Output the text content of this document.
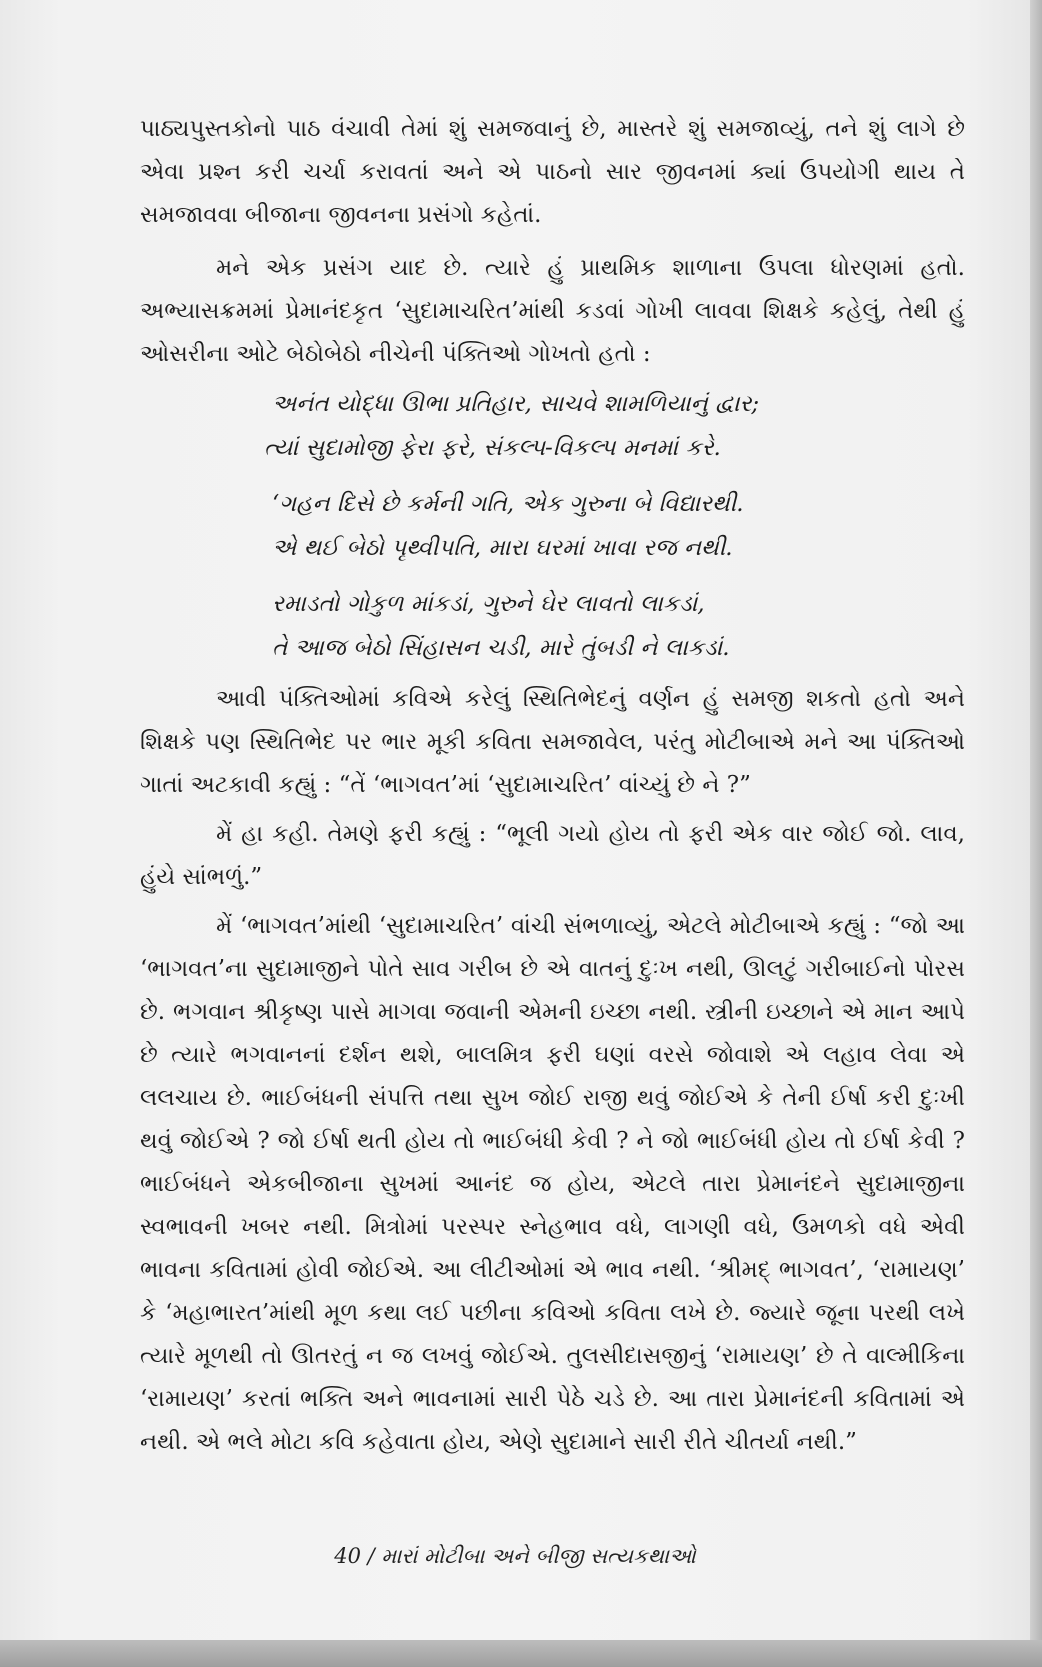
પાઠ્યપુસ્તકોનો પાઠ વંચાવી તેમાં શું સમજવાનું છે, માસ્તરે શું સમજાવ્યું, તને શું લાગે છે એવા પ્રશ્ન કરી ચર્ચા કરાવતાં અને એ પાઠનો સાર જીવનમાં ક્યાં ઉપયોગી થાય તે સમજાવવા બીજાના જીવનના પ્રસંગો કહેતાં.

મને એક પ્રસંગ યાદ છે. ત્યારે હું પ્રાથમિક શાળાના ઉપલા ધોરણમાં હતો. અભ્યાસક્રમમાં પ્રેમાનંદકૃત ‘સુદામાચરિત’માંથી કડવાં ગોખી લાવવા શિક્ષકે કહેલું, તેથી હું ઓસરીના ઓટે બેઠોબેઠો નીચેની પંક્તિઓ ગોખતો હતો :

અનંત યોદ્ધા ઊભા પ્રતિહાર, સાચવે શામળિયાનું દ્વાર;

ત્યાં સુદામોજી ફેરા ફરે, સંકલ્પ-વિકલ્પ મનમાં કરે.

‘ગહન દિસે છે કર્મની ગતિ, એક ગુરુના બે વિદ્યારથી.

એ થઈ બેઠો પૃથ્વીપતિ, મારા ઘરમાં ખાવા રજ નથી.

રમાડતો ગોકુળ માંકડાં, ગુરુને ઘેર લાવતો લાકડાં,

તે આજ બેઠો સિંહાસન ચડી, મારે તુંબડી ને લાકડાં.

આવી પંક્તિઓમાં કવિએ કરેલું સ્થિતિભેદનું વર્ણન હું સમજી શકતો હતો અને શિક્ષકે પણ સ્થિતિભેદ પર ભાર મૂકી કવિતા સમજાવેલ, પરંતુ મોટીબાએ મને આ પંક્તિઓ ગાતાં અટકાવી કહ્યું : “તેં ‘ભાગવત’માં ‘સુદામાચરિત’ વાંચ્યું છે ને ?”

મેં હા કહી. તેમણે ફરી કહ્યું : “ભૂલી ગયો હોય તો ફરી એક વાર જોઈ જો. લાવ, હુંયે સાંભળું.”

મેં ‘ભાગવત’માંથી ‘સુદામાચરિત’ વાંચી સંભળાવ્યું, એટલે મોટીબાએ કહ્યું : “જો આ ‘ભાગવત’ના સુદામાજીને પોતે સાવ ગરીબ છે એ વાતનું દુઃખ નથી, ઊલટું ગરીબાઈનો પોરસ છે. ભગવાન શ્રીકૃષ્ણ પાસે માગવા જવાની એમની ઇચ્છા નથી. સ્ત્રીની ઇચ્છાને એ માન આપે છે ત્યારે ભગવાનનાં દર્શન થશે, બાલમિત્ર ફરી ઘણાં વરસે જોવાશે એ લહાવ લેવા એ લલચાય છે. ભાઈબંધની સંપત્તિ તથા સુખ જોઈ રાજી થવું જોઈએ કે તેની ઈર્ષા કરી દુઃખી થવું જોઈએ ? જો ઈર્ષા થતી હોય તો ભાઈબંધી કેવી ? ને જો ભાઈબંધી હોય તો ઈર્ષા કેવી ? ભાઈબંધને એકબીજાના સુખમાં આનંદ જ હોય, એટલે તારા પ્રેમાનંદને સુદામાજીના સ્વભાવની ખબર નથી. મિત્રોમાં પરસ્પર સ્નેહભાવ વધે, લાગણી વધે, ઉમળકો વધે એવી ભાવના કવિતામાં હોવી જોઈએ. આ લીટીઓમાં એ ભાવ નથી. ‘શ્રીમદ્ ભાગવત’, ‘રામાયણ’ કે ‘મહાભારત’માંથી મૂળ કથા લઈ પછીના કવિઓ કવિતા લખે છે. જ્યારે જૂના પરથી લખે ત્યારે મૂળથી તો ઊતરતું ન જ લખવું જોઈએ. તુલસીદાસજીનું ‘રામાયણ’ છે તે વાલ્મીકિના ‘રામાયણ’ કરતાં ભક્તિ અને ભાવનામાં સારી પેઠે ચડે છે. આ તારા પ્રેમાનંદની કવિતામાં એ નથી. એ ભલે મોટા કવિ કહેવાતા હોય, એણે સુદામાને સારી રીતે ચીતર્યા નથી.”

40 / મારાં મોટીબા અને બીજી સત્યકથાઓ
